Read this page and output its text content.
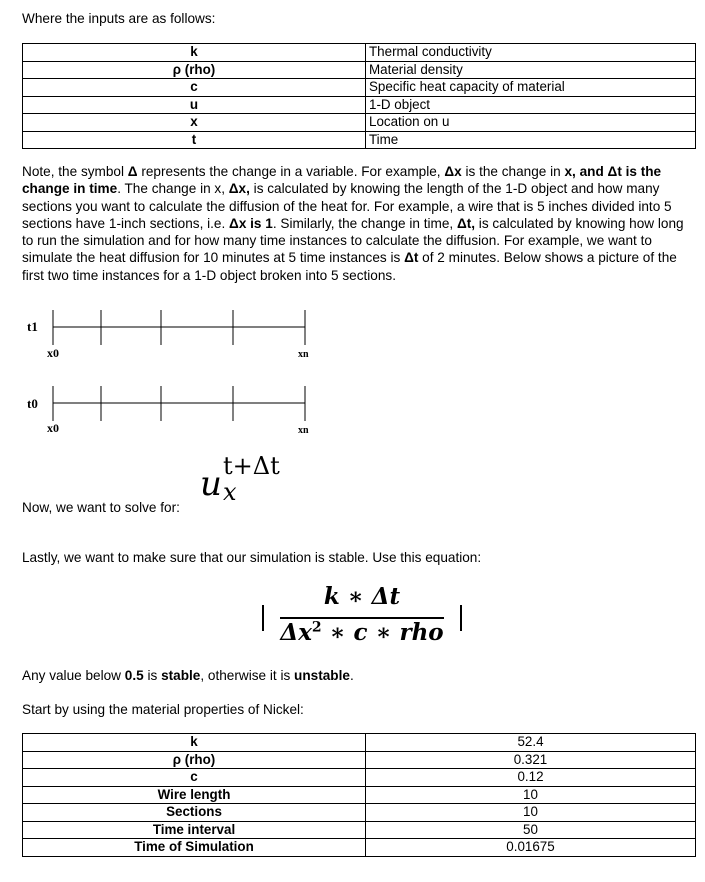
Where the inputs are as follows:
k	Thermal conductivity
ρ (rho)	Material density
c	Specific heat capacity of material
u	1-D object
x	Location on u
t	Time
Note, the symbol Δ represents the change in a variable. For example, Δx is the change in x, and Δt is the change in time. The change in x, Δx, is calculated by knowing the length of the 1-D object and how many sections you want to calculate the diffusion of the heat for. For example, a wire that is 5 inches divided into 5 sections have 1-inch sections, i.e. Δx is 1. Similarly, the change in time, Δt, is calculated by knowing how long to run the simulation and for how many time instances to calculate the diffusion. For example, we want to simulate the heat diffusion for 10 minutes at 5 time instances is Δt of 2 minutes. Below shows a picture of the first two time instances for a 1-D object broken into 5 sections.
t1
x0	xn
t0
x0	xn
Now, we want to solve for:
u t+Δt
x
Lastly, we want to make sure that our simulation is stable. Use this equation:
k ∗ Δt
$\Delta x^2$ ∗ c ∗ rho
Any value below 0.5 is stable, otherwise it is unstable.
Start by using the material properties of Nickel:
k	52.4
ρ (rho)	0.321
c	0.12
Wire length	10
Sections	10
Time interval	50
Time of Simulation	0.01675
